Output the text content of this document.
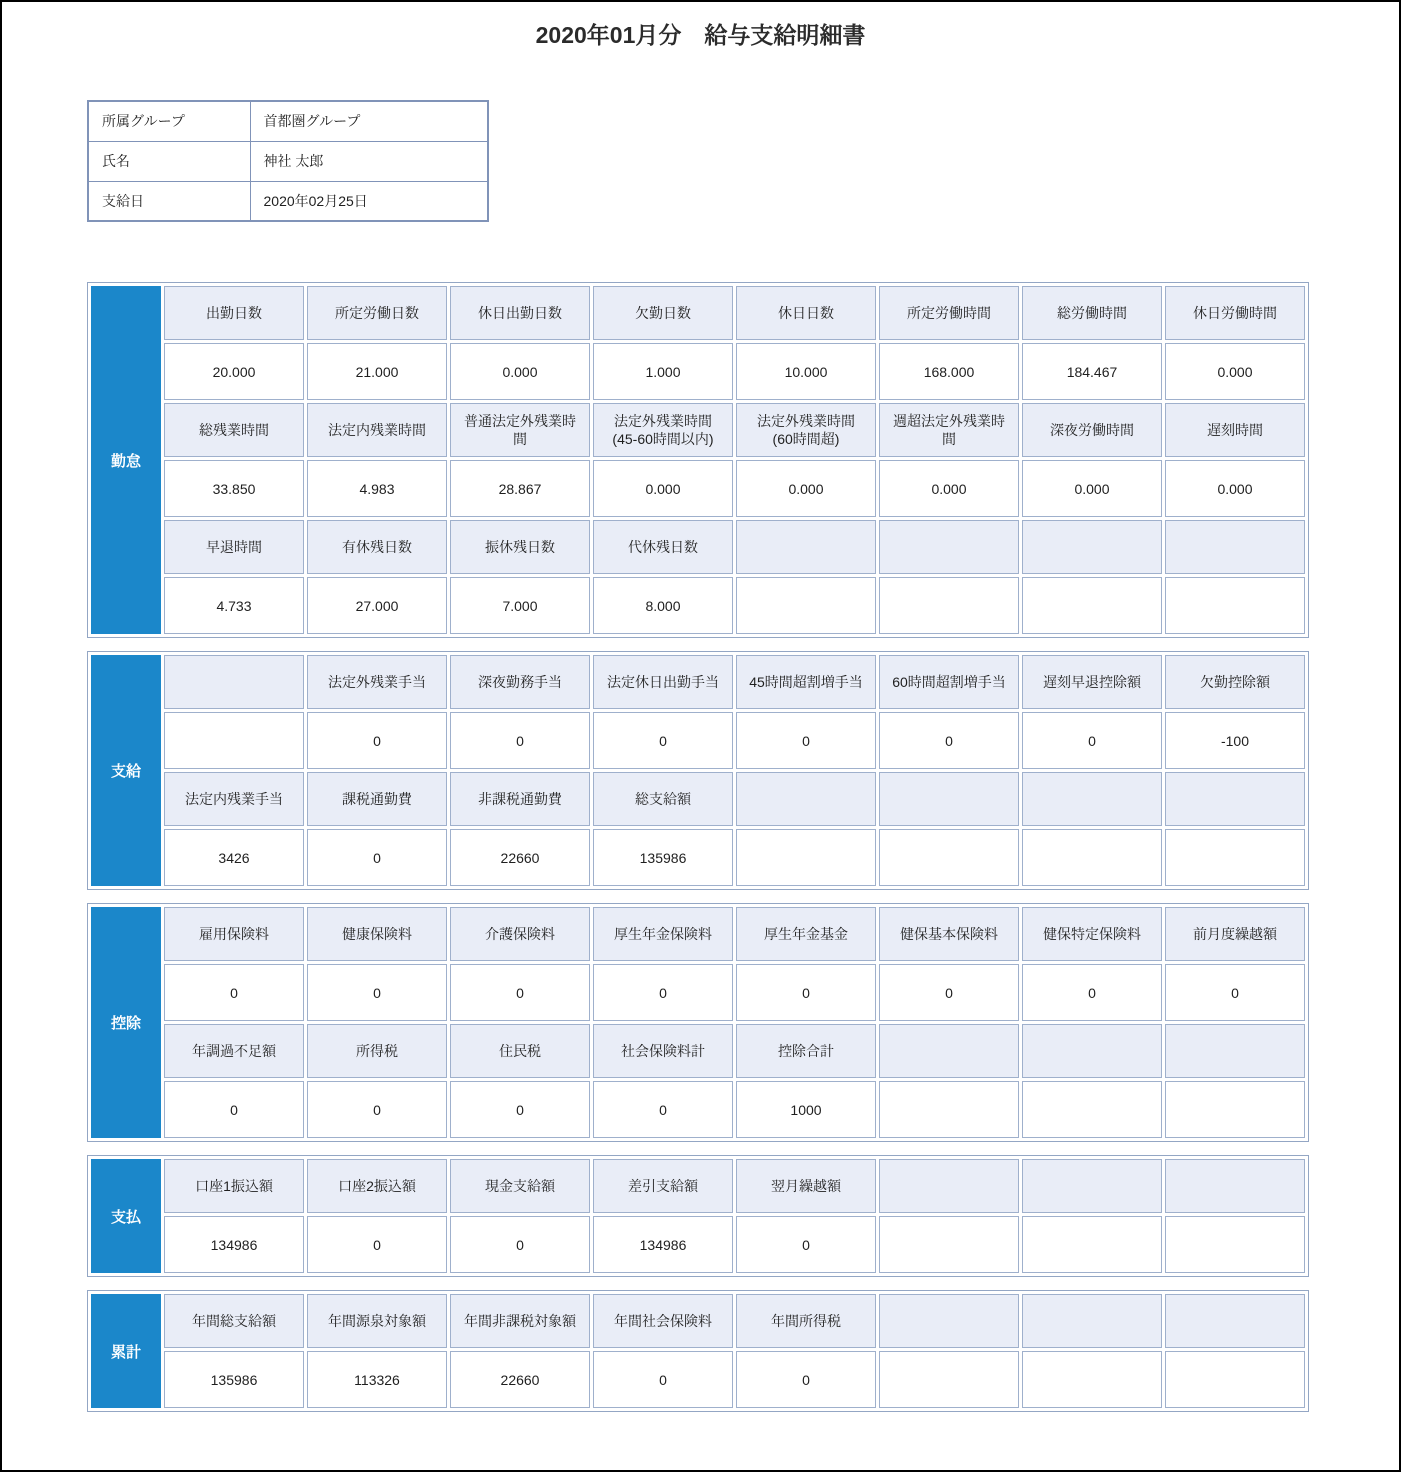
2020年01月分　給与支給明細書
所属グループ	首都圏グループ
氏名	神社 太郎
支給日	2020年02月25日
勤怠	出勤日数	所定労働日数	休日出勤日数	欠勤日数	休日日数	所定労働時間	総労働時間	休日労働時間
	20.000	21.000	0.000	1.000	10.000	168.000	184.467	0.000
	総残業時間	法定内残業時間	普通法定外残業時間	法定外残業時間 (45-60時間以内)	法定外残業時間 (60時間超)	週超法定外残業時間	深夜労働時間	遅刻時間
	33.850	4.983	28.867	0.000	0.000	0.000	0.000	0.000
	早退時間	有休残日数	振休残日数	代休残日数				
	4.733	27.000	7.000	8.000				
支給		法定外残業手当	深夜勤務手当	法定休日出勤手当	45時間超割増手当	60時間超割増手当	遅刻早退控除額	欠勤控除額
		0	0	0	0	0	0	-100
	法定内残業手当	課税通勤費	非課税通勤費	総支給額				
	3426	0	22660	135986				
控除	雇用保険料	健康保険料	介護保険料	厚生年金保険料	厚生年金基金	健保基本保険料	健保特定保険料	前月度繰越額
	0	0	0	0	0	0	0	0
	年調過不足額	所得税	住民税	社会保険料計	控除合計			
	0	0	0	0	1000			
支払	口座1振込額	口座2振込額	現金支給額	差引支給額	翌月繰越額			
	134986	0	0	134986	0			
累計	年間総支給額	年間源泉対象額	年間非課税対象額	年間社会保険料	年間所得税			
	135986	113326	22660	0	0			
